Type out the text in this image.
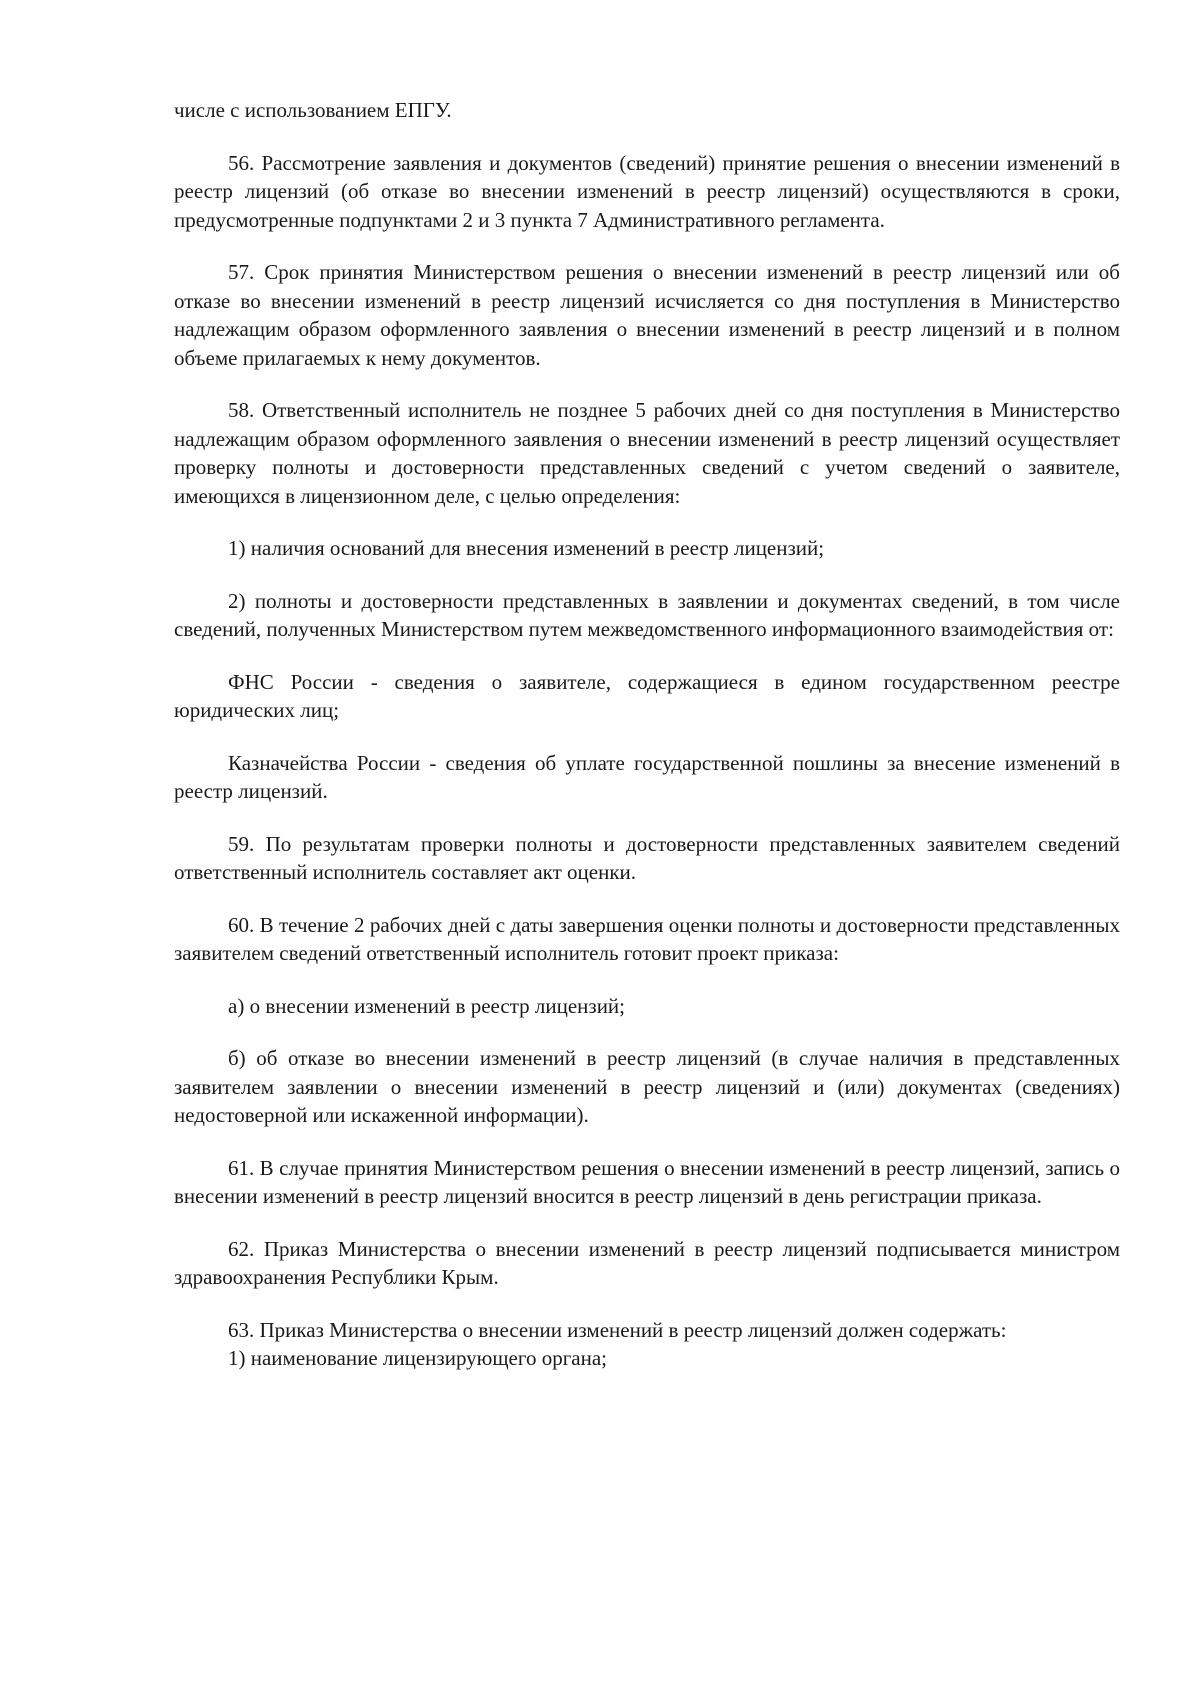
числе с использованием ЕПГУ.

56. Рассмотрение заявления и документов (сведений) принятие решения о внесении изменений в реестр лицензий (об отказе во внесении изменений в реестр лицензий) осуществляются в сроки, предусмотренные подпунктами 2 и 3 пункта 7 Административного регламента.

57. Срок принятия Министерством решения о внесении изменений в реестр лицензий или об отказе во внесении изменений в реестр лицензий исчисляется со дня поступления в Министерство надлежащим образом оформленного заявления о внесении изменений в реестр лицензий и в полном объеме прилагаемых к нему документов.

58. Ответственный исполнитель не позднее 5 рабочих дней со дня поступления в Министерство надлежащим образом оформленного заявления о внесении изменений в реестр лицензий осуществляет проверку полноты и достоверности представленных сведений с учетом сведений о заявителе, имеющихся в лицензионном деле, с целью определения:

1) наличия оснований для внесения изменений в реестр лицензий;

2) полноты и достоверности представленных в заявлении и документах сведений, в том числе сведений, полученных Министерством путем межведомственного информационного взаимодействия от:

ФНС России - сведения о заявителе, содержащиеся в едином государственном реестре юридических лиц;

Казначейства России - сведения об уплате государственной пошлины за внесение изменений в реестр лицензий.

59. По результатам проверки полноты и достоверности представленных заявителем сведений ответственный исполнитель составляет акт оценки.

60. В течение 2 рабочих дней с даты завершения оценки полноты и достоверности представленных заявителем сведений ответственный исполнитель готовит проект приказа:

а) о внесении изменений в реестр лицензий;

б) об отказе во внесении изменений в реестр лицензий (в случае наличия в представленных заявителем заявлении о внесении изменений в реестр лицензий и (или) документах (сведениях) недостоверной или искаженной информации).

61. В случае принятия Министерством решения о внесении изменений в реестр лицензий, запись о внесении изменений в реестр лицензий вносится в реестр лицензий в день регистрации приказа.

62. Приказ Министерства о внесении изменений в реестр лицензий подписывается министром здравоохранения Республики Крым.

63. Приказ Министерства о внесении изменений в реестр лицензий должен содержать:

1) наименование лицензирующего органа;
